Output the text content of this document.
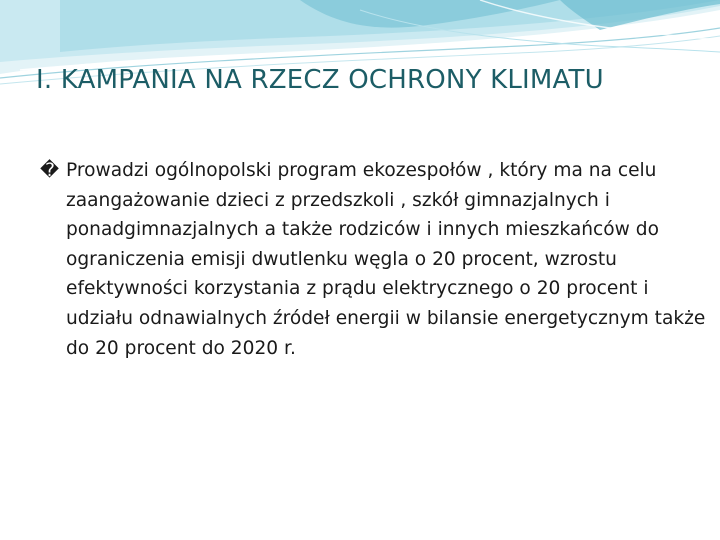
I. KAMPANIA NA RZECZ OCHRONY KLIMATU

� Prowadzi ogólnopolski program ekozespołów , który ma na celu zaangażowanie dzieci z przedszkoli , szkół gimnazjalnych i ponadgimnazjalnych a także rodziców i innych mieszkańców do ograniczenia emisji dwutlenku węgla o 20 procent, wzrostu efektywności korzystania z prądu elektrycznego o 20 procent i udziału odnawialnych źródeł energii w bilansie energetycznym także do 20 procent do 2020 r.
